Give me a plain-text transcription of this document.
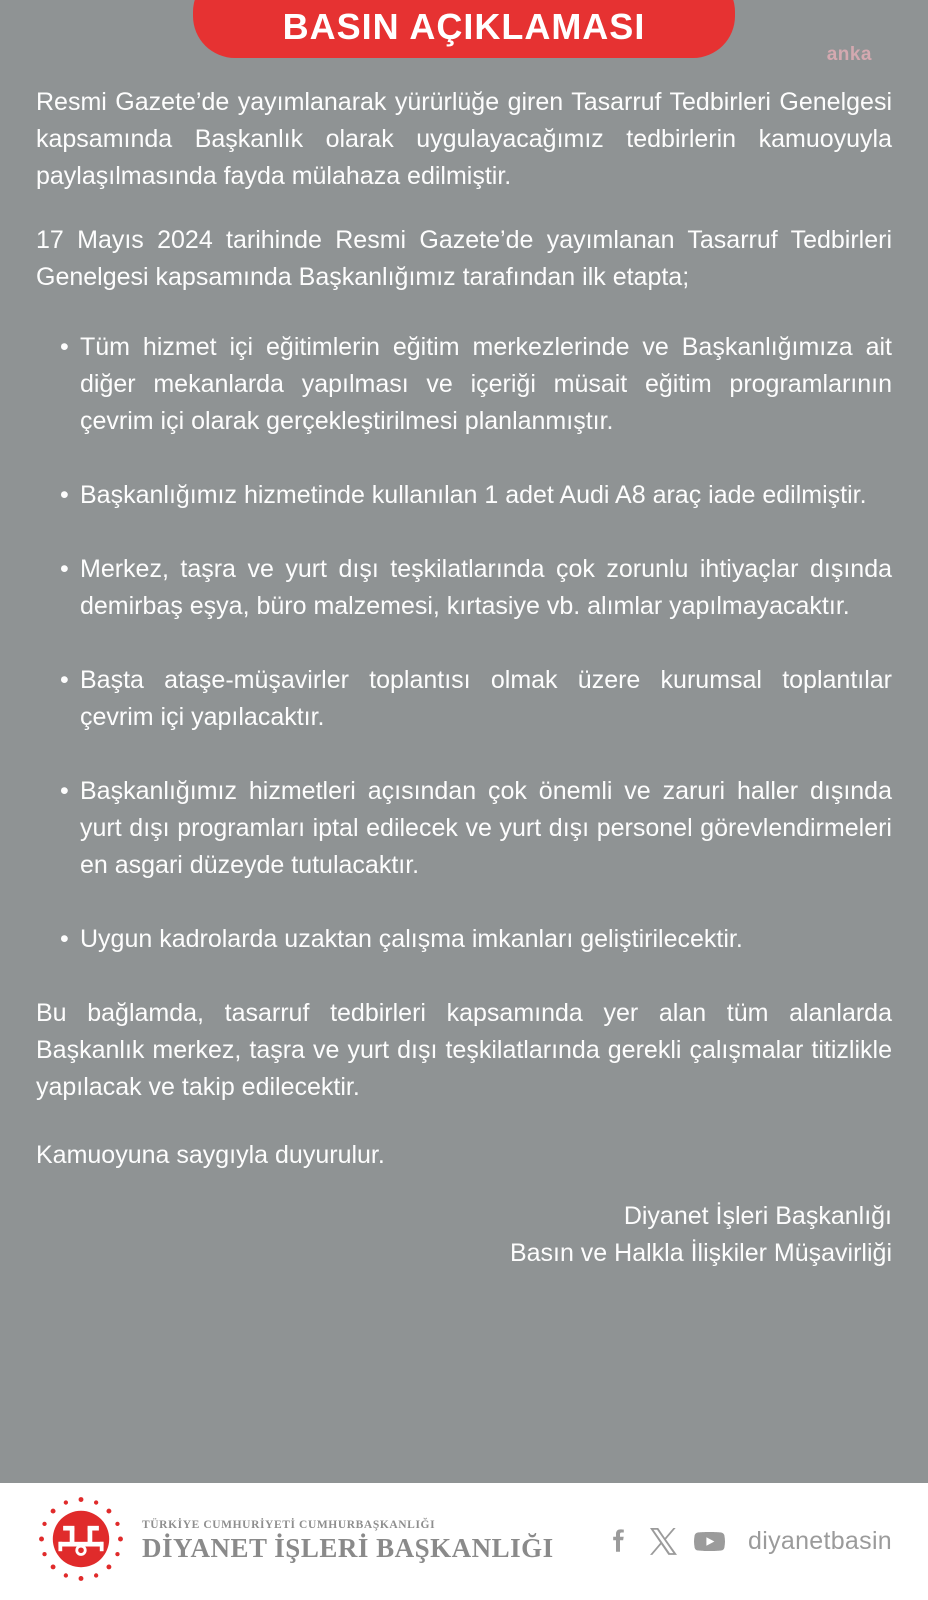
BASIN AÇIKLAMASI
anka

Resmi Gazete’de yayımlanarak yürürlüğe giren Tasarruf Tedbirleri Genelgesi kapsamında Başkanlık olarak uygulayacağımız tedbirlerin kamuoyuyla paylaşılmasında fayda mülahaza edilmiştir.

17 Mayıs 2024 tarihinde Resmi Gazete’de yayımlanan Tasarruf Tedbirleri Genelgesi kapsamında Başkanlığımız tarafından ilk etapta;

• Tüm hizmet içi eğitimlerin eğitim merkezlerinde ve Başkanlığımıza ait diğer mekanlarda yapılması ve içeriği müsait eğitim programlarının çevrim içi olarak gerçekleştirilmesi planlanmıştır.
• Başkanlığımız hizmetinde kullanılan 1 adet Audi A8 araç iade edilmiştir.
• Merkez, taşra ve yurt dışı teşkilatlarında çok zorunlu ihtiyaçlar dışında demirbaş eşya, büro malzemesi, kırtasiye vb. alımlar yapılmayacaktır.
• Başta ataşe-müşavirler toplantısı olmak üzere kurumsal toplantılar çevrim içi yapılacaktır.
• Başkanlığımız hizmetleri açısından çok önemli ve zaruri haller dışında yurt dışı programları iptal edilecek ve yurt dışı personel görevlendirmeleri en asgari düzeyde tutulacaktır.
• Uygun kadrolarda uzaktan çalışma imkanları geliştirilecektir.

Bu bağlamda, tasarruf tedbirleri kapsamında yer alan tüm alanlarda Başkanlık merkez, taşra ve yurt dışı teşkilatlarında gerekli çalışmalar titizlikle yapılacak ve takip edilecektir.

Kamuoyuna saygıyla duyurulur.

Diyanet İşleri Başkanlığı
Basın ve Halkla İlişkiler Müşavirliği
TÜRKİYE CUMHURİYETİ CUMHURBAŞKANLIĞI
DİYANET İŞLERİ BAŞKANLIĞI	diyanetbasin
